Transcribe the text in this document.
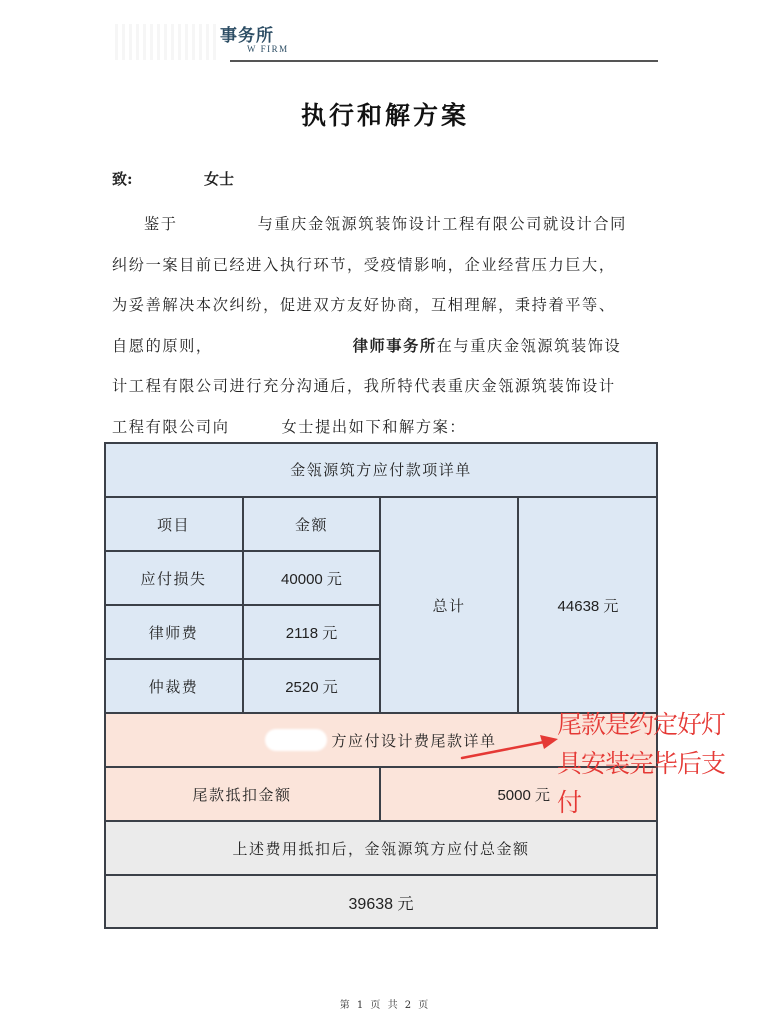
事务所
W FIRM
执行和解方案
致:	女士

鉴于	与重庆金瓴源筑装饰设计工程有限公司就设计合同

纠纷一案目前已经进入执行环节，受疫情影响，企业经营压力巨大，

为妥善解决本次纠纷，促进双方友好协商，互相理解，秉持着平等、

自愿的原则，	律师事务所在与重庆金瓴源筑装饰设

计工程有限公司进行充分沟通后，我所特代表重庆金瓴源筑装饰设计

工程有限公司向	女士提出如下和解方案：

金瓴源筑方应付款项详单
项目	金额
应付损失	40000 元
律师费	2118 元
仲裁费	2520 元
总计	44638 元
方应付设计费尾款详单
尾款抵扣金额	5000 元
上述费用抵扣后，金瓴源筑方应付总金额
39638 元
尾款是约定好灯
具安装完毕后支
付
第 1 页 共 2 页
